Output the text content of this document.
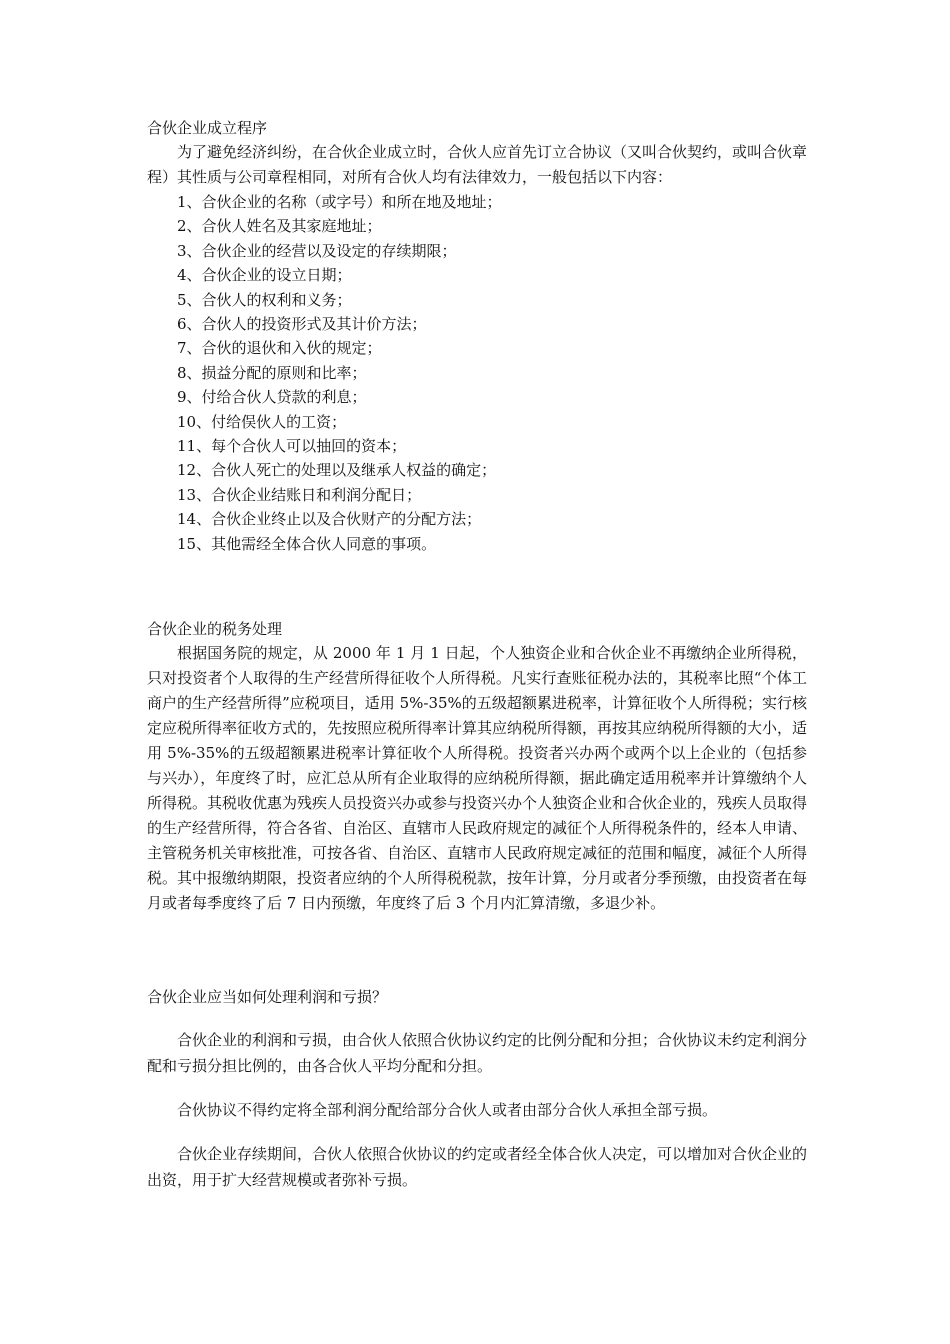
合伙企业成立程序

为了避免经济纠纷，在合伙企业成立时，合伙人应首先订立合协议（又叫合伙契约，或叫合伙章程）其性质与公司章程相同，对所有合伙人均有法律效力，一般包括以下内容：

1、合伙企业的名称（或字号）和所在地及地址；
2、合伙人姓名及其家庭地址；
3、合伙企业的经营以及设定的存续期限；
4、合伙企业的设立日期；
5、合伙人的权利和义务；
6、合伙人的投资形式及其计价方法；
7、合伙的退伙和入伙的规定；
8、损益分配的原则和比率；
9、付给合伙人贷款的利息；
10、付给俣伙人的工资；
11、每个合伙人可以抽回的资本；
12、合伙人死亡的处理以及继承人权益的确定；
13、合伙企业结账日和利润分配日；
14、合伙企业终止以及合伙财产的分配方法；
15、其他需经全体合伙人同意的事项。

合伙企业的税务处理

根据国务院的规定，从 2000 年 1 月 1 日起，个人独资企业和合伙企业不再缴纳企业所得税，只对投资者个人取得的生产经营所得征收个人所得税。凡实行查账征税办法的，其税率比照“个体工商户的生产经营所得”应税项目，适用 5%-35%的五级超额累进税率，计算征收个人所得税；实行核定应税所得率征收方式的，先按照应税所得率计算其应纳税所得额，再按其应纳税所得额的大小，适用 5%-35%的五级超额累进税率计算征收个人所得税。投资者兴办两个或两个以上企业的（包括参与兴办），年度终了时，应汇总从所有企业取得的应纳税所得额，据此确定适用税率并计算缴纳个人所得税。其税收优惠为残疾人员投资兴办或参与投资兴办个人独资企业和合伙企业的，残疾人员取得的生产经营所得，符合各省、自治区、直辖市人民政府规定的减征个人所得税条件的，经本人申请、主管税务机关审核批准，可按各省、自治区、直辖市人民政府规定减征的范围和幅度，减征个人所得税。其中报缴纳期限，投资者应纳的个人所得税税款，按年计算，分月或者分季预缴，由投资者在每月或者每季度终了后 7 日内预缴，年度终了后 3 个月内汇算清缴，多退少补。

合伙企业应当如何处理利润和亏损？

合伙企业的利润和亏损，由合伙人依照合伙协议约定的比例分配和分担；合伙协议未约定利润分配和亏损分担比例的，由各合伙人平均分配和分担。

合伙协议不得约定将全部利润分配给部分合伙人或者由部分合伙人承担全部亏损。

合伙企业存续期间，合伙人依照合伙协议的约定或者经全体合伙人决定，可以增加对合伙企业的出资，用于扩大经营规模或者弥补亏损。
